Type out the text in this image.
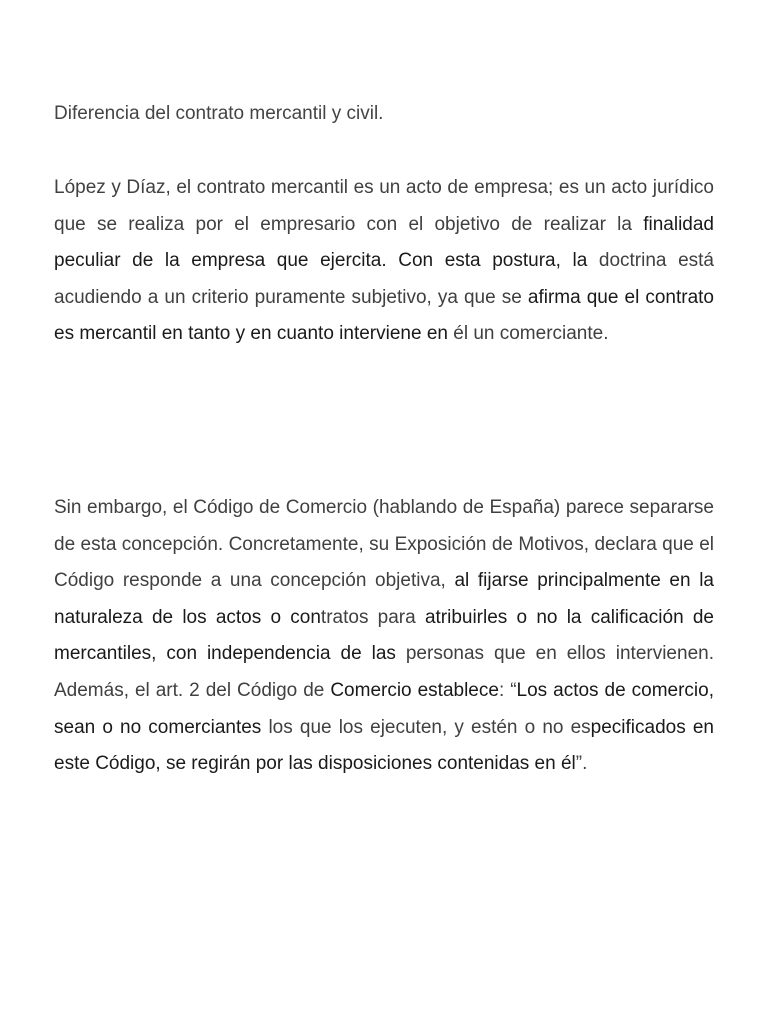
Diferencia del contrato mercantil y civil.

López y Díaz, el contrato mercantil es un acto de empresa; es un acto jurídico que se realiza por el empresario con el objetivo de realizar la finalidad peculiar de la empresa que ejercita. Con esta postura, la doctrina está acudiendo a un criterio puramente subjetivo, ya que se afirma que el contrato es mercantil en tanto y en cuanto interviene en él un comerciante.

Sin embargo, el Código de Comercio (hablando de España) parece separarse de esta concepción. Concretamente, su Exposición de Motivos, declara que el Código responde a una concepción objetiva, al fijarse principalmente en la naturaleza de los actos o contratos para atribuirles o no la calificación de mercantiles, con independencia de las personas que en ellos intervienen. Además, el art. 2 del Código de Comercio establece: “Los actos de comercio, sean o no comerciantes los que los ejecuten, y estén o no especificados en este Código, se regirán por las disposiciones contenidas en él”.
